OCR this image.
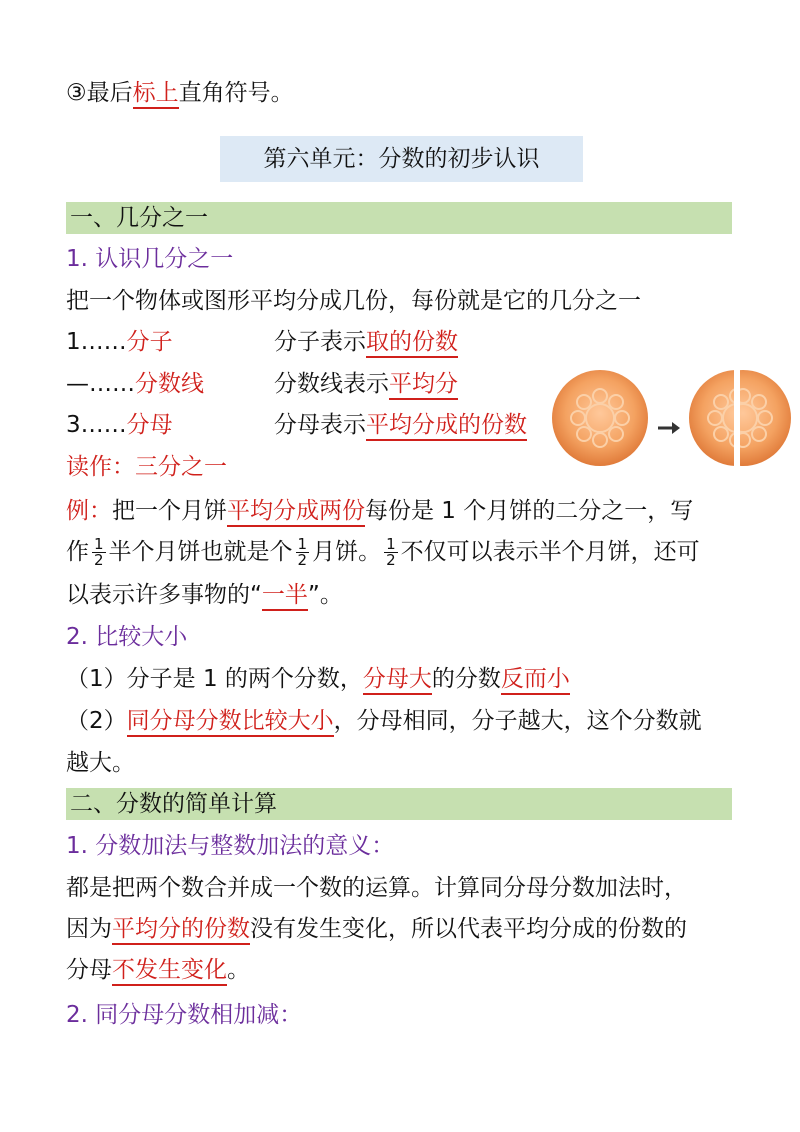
③最后标上直角符号。
第六单元：分数的初步认识
一、几分之一
1. 认识几分之一
把一个物体或图形平均分成几份，每份就是它的几分之一
1……分子	分子表示取的份数
—……分数线	分数线表示平均分
3……分母	分母表示平均分成的份数
读作：三分之一
例：把一个月饼平均分成两份每份是 1 个月饼的二分之一，写
作 $\frac{1}{2}$ 半个月饼也就是个 $\frac{1}{2}$ 月饼。 $\frac{1}{2}$ 不仅可以表示半个月饼，还可
以表示许多事物的“一半”。
2. 比较大小
（1）分子是 1 的两个分数，分母大的分数反而小
（2）同分母分数比较大小，分母相同，分子越大，这个分数就
越大。
二、分数的简单计算
1. 分数加法与整数加法的意义：
都是把两个数合并成一个数的运算。计算同分母分数加法时，
因为平均分的份数没有发生变化，所以代表平均分成的份数的
分母不发生变化。
2. 同分母分数相加减：
